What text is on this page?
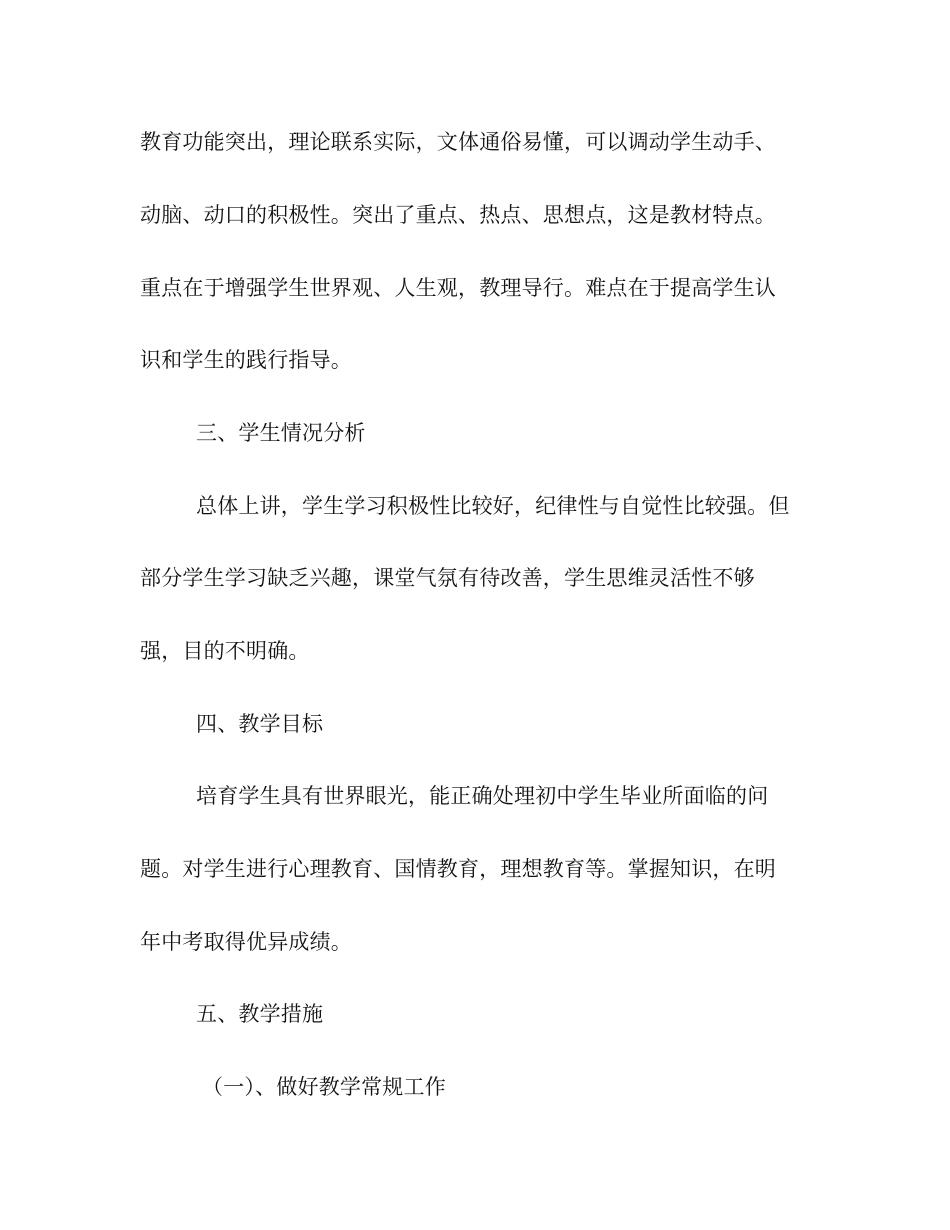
教育功能突出，理论联系实际，文体通俗易懂，可以调动学生动手、
动脑、动口的积极性。突出了重点、热点、思想点，这是教材特点。
重点在于增强学生世界观、人生观，教理导行。难点在于提高学生认
识和学生的践行指导。
三、学生情况分析
总体上讲，学生学习积极性比较好，纪律性与自觉性比较强。但
部分学生学习缺乏兴趣，课堂气氛有待改善，学生思维灵活性不够
强，目的不明确。
四、教学目标
培育学生具有世界眼光，能正确处理初中学生毕业所面临的问
题。对学生进行心理教育、国情教育，理想教育等。掌握知识，在明
年中考取得优异成绩。
五、教学措施
（一）、做好教学常规工作
